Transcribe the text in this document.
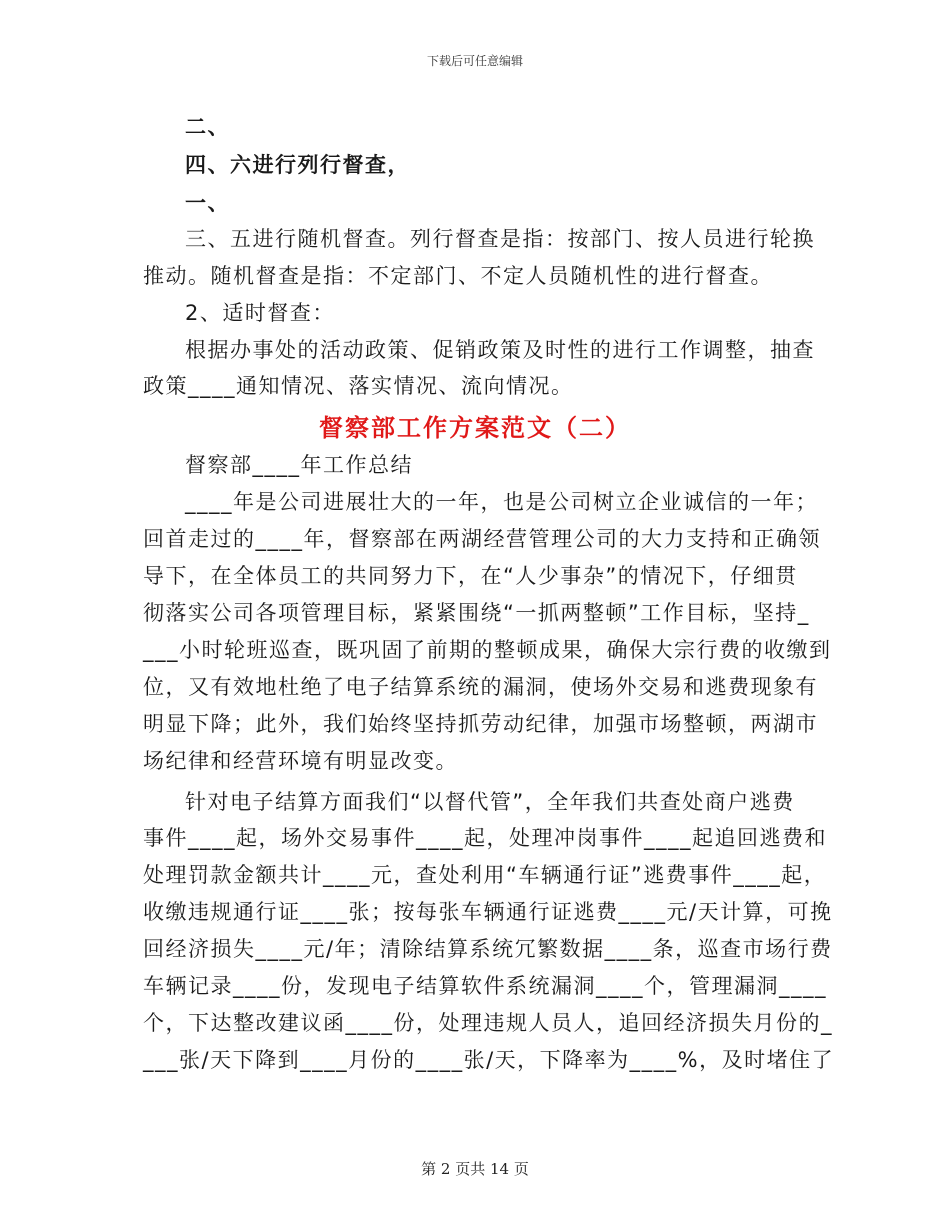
下载后可任意编辑
二、
四、六进行列行督查，
一、
三、五进行随机督查。列行督查是指：按部门、按人员进行轮换
推动。随机督查是指：不定部门、不定人员随机性的进行督查。
2、适时督查：
根据办事处的活动政策、促销政策及时性的进行工作调整，抽查
政策____通知情况、落实情况、流向情况。
督察部工作方案范文（二）
督察部____年工作总结
____年是公司进展壮大的一年，也是公司树立企业诚信的一年；
回首走过的____年，督察部在两湖经营管理公司的大力支持和正确领
导下，在全体员工的共同努力下，在“人少事杂”的情况下，仔细贯
彻落实公司各项管理目标，紧紧围绕“一抓两整顿”工作目标，坚持_
___小时轮班巡查，既巩固了前期的整顿成果，确保大宗行费的收缴到
位，又有效地杜绝了电子结算系统的漏洞，使场外交易和逃费现象有
明显下降；此外，我们始终坚持抓劳动纪律，加强市场整顿，两湖市
场纪律和经营环境有明显改变。
针对电子结算方面我们“以督代管”，全年我们共查处商户逃费
事件____起，场外交易事件____起，处理冲岗事件____起追回逃费和
处理罚款金额共计____元，查处利用“车辆通行证”逃费事件____起，
收缴违规通行证____张；按每张车辆通行证逃费____元/天计算，可挽
回经济损失____元/年；清除结算系统冗繁数据____条，巡查市场行费
车辆记录____份，发现电子结算软件系统漏洞____个，管理漏洞____
个，下达整改建议函____份，处理违规人员人，追回经济损失月份的_
___张/天下降到____月份的____张/天，下降率为____%，及时堵住了
第 2 页共 14 页
